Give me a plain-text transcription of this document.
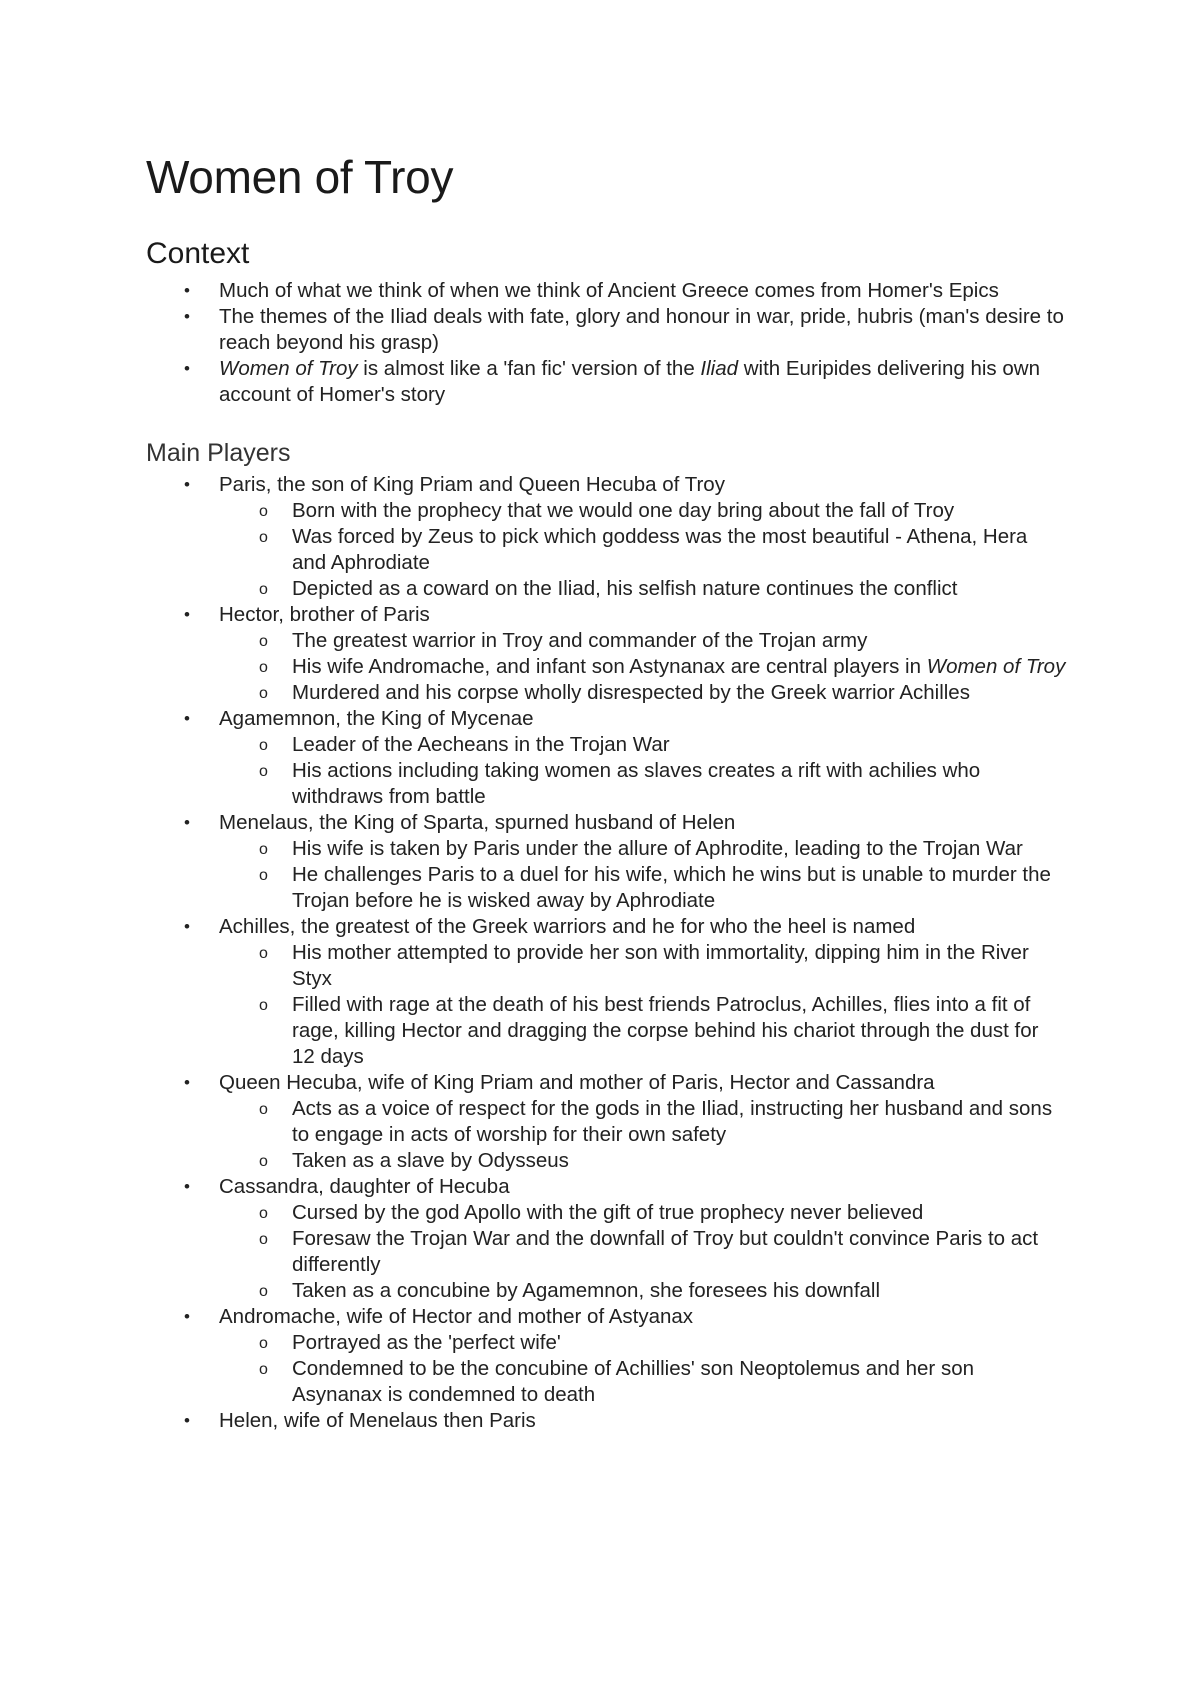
Women of Troy
Context
•	Much of what we think of when we think of Ancient Greece comes from Homer's Epics
•	The themes of the Iliad deals with fate, glory and honour in war, pride, hubris (man's desire to reach beyond his grasp)
•	Women of Troy is almost like a 'fan fic' version of the Iliad with Euripides delivering his own account of Homer's story
Main Players
•	Paris, the son of King Priam and Queen Hecuba of Troy
o	Born with the prophecy that we would one day bring about the fall of Troy
o	Was forced by Zeus to pick which goddess was the most beautiful - Athena, Hera and Aphrodiate
o	Depicted as a coward on the Iliad, his selfish nature continues the conflict
•	Hector, brother of Paris
o	The greatest warrior in Troy and commander of the Trojan army
o	His wife Andromache, and infant son Astynanax are central players in Women of Troy
o	Murdered and his corpse wholly disrespected by the Greek warrior Achilles
•	Agamemnon, the King of Mycenae
o	Leader of the Aecheans in the Trojan War
o	His actions including taking women as slaves creates a rift with achilies who withdraws from battle
•	Menelaus, the King of Sparta, spurned husband of Helen
o	His wife is taken by Paris under the allure of Aphrodite, leading to the Trojan War
o	He challenges Paris to a duel for his wife, which he wins but is unable to murder the Trojan before he is wisked away by Aphrodiate
•	Achilles, the greatest of the Greek warriors and he for who the heel is named
o	His mother attempted to provide her son with immortality, dipping him in the River Styx
o	Filled with rage at the death of his best friends Patroclus, Achilles, flies into a fit of rage, killing Hector and dragging the corpse behind his chariot through the dust for 12 days
•	Queen Hecuba, wife of King Priam and mother of Paris, Hector and Cassandra
o	Acts as a voice of respect for the gods in the Iliad, instructing her husband and sons to engage in acts of worship for their own safety
o	Taken as a slave by Odysseus
•	Cassandra, daughter of Hecuba
o	Cursed by the god Apollo with the gift of true prophecy never believed
o	Foresaw the Trojan War and the downfall of Troy but couldn't convince Paris to act differently
o	Taken as a concubine by Agamemnon, she foresees his downfall
•	Andromache, wife of Hector and mother of Astyanax
o	Portrayed as the 'perfect wife'
o	Condemned to be the concubine of Achillies' son Neoptolemus and her son Asynanax is condemned to death
•	Helen, wife of Menelaus then Paris
